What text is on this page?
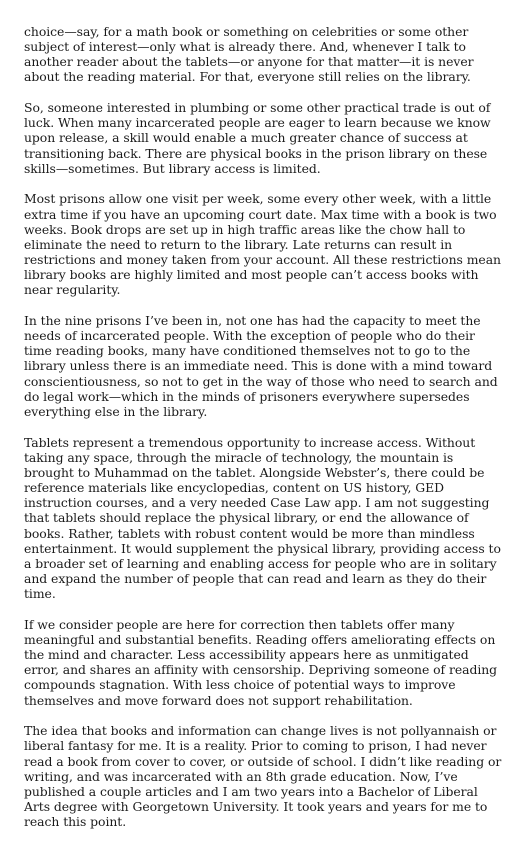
choice—say, for a math book or something on celebrities or some other subject of interest—only what is already there. And, whenever I talk to another reader about the tablets—or anyone for that matter—it is never about the reading material. For that, everyone still relies on the library.

So, someone interested in plumbing or some other practical trade is out of luck. When many incarcerated people are eager to learn because we know upon release, a skill would enable a much greater chance of success at transitioning back. There are physical books in the prison library on these skills—sometimes. But library access is limited.

Most prisons allow one visit per week, some every other week, with a little extra time if you have an upcoming court date. Max time with a book is two weeks. Book drops are set up in high traffic areas like the chow hall to eliminate the need to return to the library. Late returns can result in restrictions and money taken from your account. All these restrictions mean library books are highly limited and most people can’t access books with near regularity.

In the nine prisons I’ve been in, not one has had the capacity to meet the needs of incarcerated people. With the exception of people who do their time reading books, many have conditioned themselves not to go to the library unless there is an immediate need. This is done with a mind toward conscientiousness, so not to get in the way of those who need to search and do legal work—which in the minds of prisoners everywhere supersedes everything else in the library.

Tablets represent a tremendous opportunity to increase access. Without taking any space, through the miracle of technology, the mountain is brought to Muhammad on the tablet. Alongside Webster’s, there could be reference materials like encyclopedias, content on US history, GED instruction courses, and a very needed Case Law app. I am not suggesting that tablets should replace the physical library, or end the allowance of books. Rather, tablets with robust content would be more than mindless entertainment. It would supplement the physical library, providing access to a broader set of learning and enabling access for people who are in solitary and expand the number of people that can read and learn as they do their time.

If we consider people are here for correction then tablets offer many meaningful and substantial benefits. Reading offers ameliorating effects on the mind and character. Less accessibility appears here as unmitigated error, and shares an affinity with censorship. Depriving someone of reading compounds stagnation. With less choice of potential ways to improve themselves and move forward does not support rehabilitation.

The idea that books and information can change lives is not pollyannaish or liberal fantasy for me. It is a reality. Prior to coming to prison, I had never read a book from cover to cover, or outside of school. I didn’t like reading or writing, and was incarcerated with an 8th grade education. Now, I’ve published a couple articles and I am two years into a Bachelor of Liberal Arts degree with Georgetown University. It took years and years for me to reach this point.
